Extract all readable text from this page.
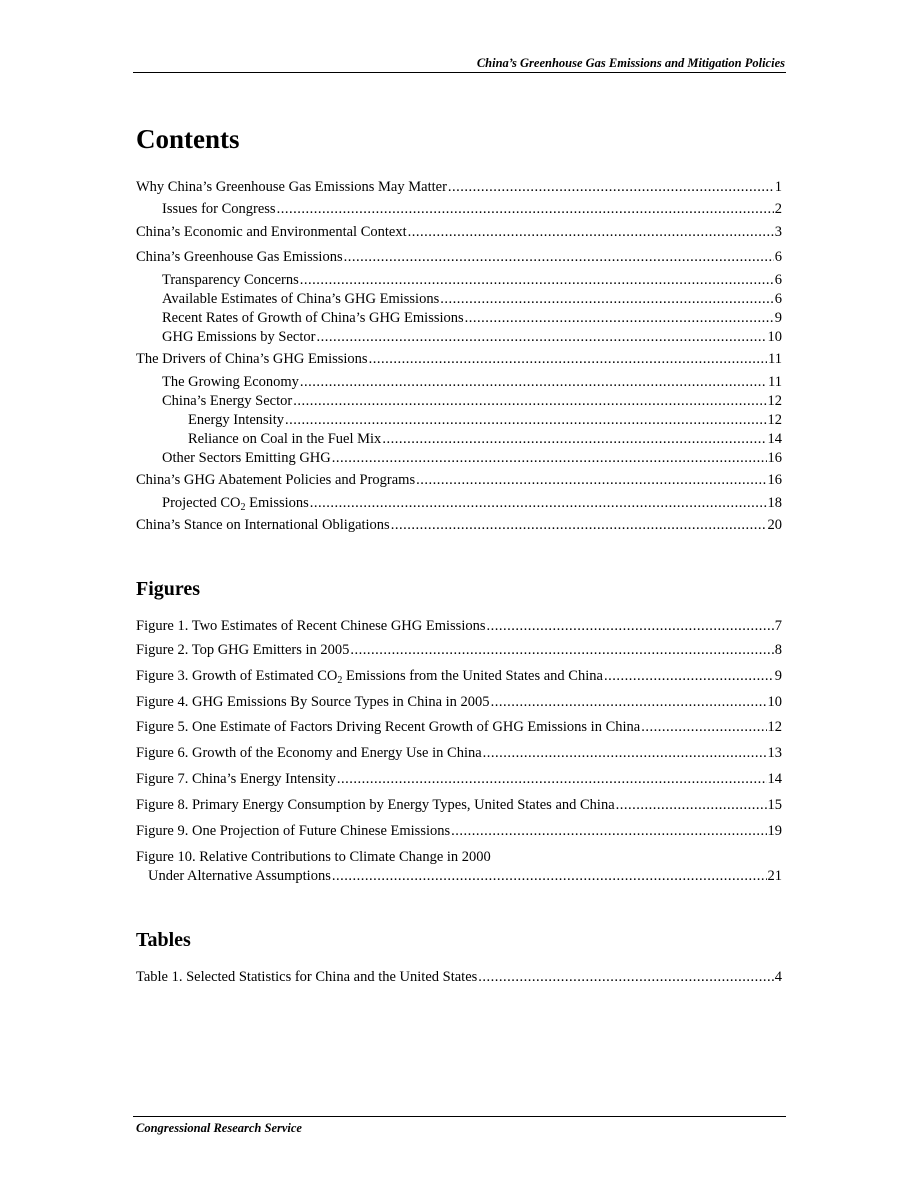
China’s Greenhouse Gas Emissions and Mitigation Policies
Contents
Why China’s Greenhouse Gas Emissions May Matter .....	1
Issues for Congress .....	2
China’s Economic and Environmental Context .....	3
China’s Greenhouse Gas Emissions .....	6
Transparency Concerns .....	6
Available Estimates of China’s GHG Emissions .....	6
Recent Rates of Growth of China’s GHG Emissions .....	9
GHG Emissions by Sector .....	10
The Drivers of China’s GHG Emissions .....	11
The Growing Economy .....	11
China’s Energy Sector .....	12
Energy Intensity .....	12
Reliance on Coal in the Fuel Mix .....	14
Other Sectors Emitting GHG .....	16
China’s GHG Abatement Policies and Programs .....	16
Projected $CO_2$ Emissions .....	18
China’s Stance on International Obligations .....	20
Figures
Figure 1. Two Estimates of Recent Chinese GHG Emissions .....	7
Figure 2. Top GHG Emitters in 2005 .....	8
Figure 3. Growth of Estimated $CO_2$ Emissions from the United States and China .....	9
Figure 4. GHG Emissions By Source Types in China in 2005 .....	10
Figure 5. One Estimate of Factors Driving Recent Growth of GHG Emissions in China .....	12
Figure 6. Growth of the Economy and Energy Use in China .....	13
Figure 7. China’s Energy Intensity .....	14
Figure 8. Primary Energy Consumption by Energy Types, United States and China .....	15
Figure 9. One Projection of Future Chinese Emissions .....	19
Figure 10. Relative Contributions to Climate Change in 2000
Under Alternative Assumptions .....	21
Tables
Table 1. Selected Statistics for China and the United States .....	4
Congressional Research Service
